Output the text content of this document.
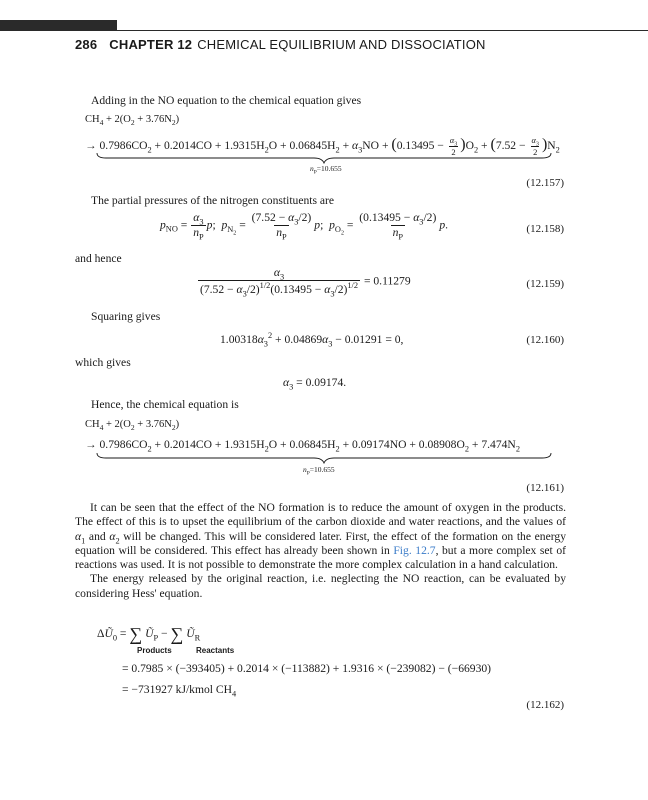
286 CHAPTER 12 CHEMICAL EQUILIBRIUM AND DISSOCIATION
Adding in the NO equation to the chemical equation gives
$CH_4 + 2(O_2 + 3.76N_2)$
→ $0.7986CO_2 + 0.2014CO + 1.9315H_2O + 0.06845H_2 + \alpha_3NO + (0.13495 - \frac{\alpha_3}{2} )O_2 + (7.52 - \frac{\alpha_3}{2} )N_2$
$n_P=10.655$
(12.157)
The partial pressures of the nitrogen constituents are
$p_{NO} = \frac{\alpha_3}{n_P} p$;  $p_{N_2} = \frac{(7.52 - \alpha_3/2)}{n_P} p$;  $p_{O_2} = \frac{(0.13495 - \alpha_3/2)}{n_P} p$.	(12.158)
and hence
$\frac{\alpha_3}{(7.52 - \alpha_3/2)^{1/2}(0.13495 - \alpha_3/2)^{1/2}} = 0.11279$	(12.159)
Squaring gives
$1.00318\alpha_3^2 + 0.04869\alpha_3 - 0.01291 = 0$,	(12.160)
which gives
$\alpha_3 = 0.09174$.
Hence, the chemical equation is
$CH_4 + 2(O_2 + 3.76N_2)$
→ $0.7986CO_2 + 0.2014CO + 1.9315H_2O + 0.06845H_2 + 0.09174NO + 0.08908O_2 + 7.474N_2$
$n_P=10.655$
(12.161)

It can be seen that the effect of the NO formation is to reduce the amount of oxygen in the products. The effect of this is to upset the equilibrium of the carbon dioxide and water reactions, and the values of $\alpha_1$ and $\alpha_2$ will be changed. This will be considered later. First, the effect of the formation on the energy equation will be considered. This effect has already been shown in Fig. 12.7, but a more complex set of reactions was used. It is not possible to demonstrate the more complex calculation in a hand calculation.

The energy released by the original reaction, i.e. neglecting the NO reaction, can be evaluated by considering Hess' equation.

$\Delta Ũ_0$ = ∑ $Ũ_P$ − ∑ $Ũ_R$
Products	Reactants
= 0.7985 × (−393405) + 0.2014 × (−113882) + 1.9316 × (−239082) − (−66930)
= −731927 kJ/kmol $CH_4$
(12.162)
